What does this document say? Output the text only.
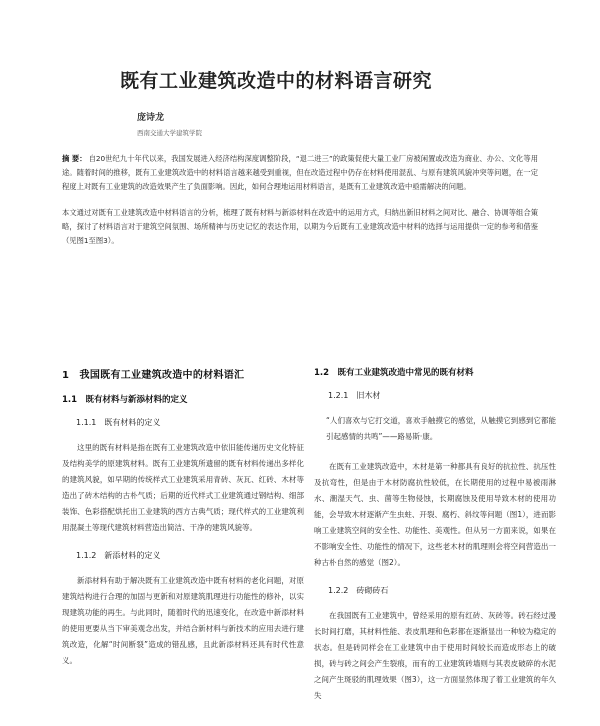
既有工业建筑改造中的材料语言研究
庞诗龙
西南交通大学建筑学院

摘 要： 自20世纪九十年代以来，我国发展进入经济结构深度调整阶段，“退二进三”的政策促使大量工业厂房被闲置或改造为商业、办公、文化等用途。随着时间的推移，既有工业建筑改造中的材料语言越来越受到重视，但在改造过程中仍存在材料使用混乱、与原有建筑风貌冲突等问题，在一定程度上对既有工业建筑的改造效果产生了负面影响。因此，如何合理地运用材料语言，是既有工业建筑改造中亟需解决的问题。

本文通过对既有工业建筑改造中材料语言的分析，梳理了既有材料与新添材料在改造中的运用方式，归纳出新旧材料之间对比、融合、协调等组合策略，探讨了材料语言对于建筑空间氛围、场所精神与历史记忆的表达作用，以期为今后既有工业建筑改造中材料的选择与运用提供一定的参考和借鉴（见图1至图3）。

1　我国既有工业建筑改造中的材料语汇
1.1　既有材料与新添材料的定义
1.1.1　既有材料的定义
这里的既有材料是指在既有工业建筑改造中依旧能传递历史文化特征及结构美学的原建筑材料。既有工业建筑所遗留的既有材料传递出多样化的建筑风貌，如早期的传统样式工业建筑采用青砖、灰瓦、红砖、木材等造出了砖木结构的古朴气质；后期的近代样式工业建筑通过钢结构、细部装饰、色彩搭配烘托出工业建筑的西方古典气质；现代样式的工业建筑利用混凝土等现代建筑材料营造出简洁、干净的建筑风貌等。
1.1.2　新添材料的定义
新添材料有助于解决既有工业建筑改造中既有材料的老化问题，对原建筑结构进行合理的加固与更新和对原建筑肌理进行功能性的修补，以实现建筑功能的再生。与此同时，随着时代的迅速变化，在改造中新添材料的使用更要从当下审美观念出发，并结合新材料与新技术的应用去进行建筑改造，化解“时间断裂”造成的错乱感，且此新添材料还具有时代性意义。
1.2　既有工业建筑改造中常见的既有材料
1.2.1　旧木材
“人们喜欢与它打交道，喜欢手触摸它的感觉，从触摸它到感到它都能引起感情的共鸣”——路易斯·康。
在既有工业建筑改造中，木材是第一种都具有良好的抗拉性、抗压性及抗弯性，但是由于木材防腐抗性较低，在长期使用的过程中易被雨淋水、潮湿天气、虫、菌等生物侵蚀，长期腐蚀及使用导致木材的使用功能，会导致木材逐渐产生虫蛀、开裂、腐朽、斜纹等问题（图1），进而影响工业建筑空间的安全性、功能性、美观性。但从另一方面来说，如果在不影响安全性、功能性的情况下，这些老木材的肌理则会将空间营造出一种古朴自然的感觉（图2）。
1.2.2　砖砌砖石
在我国既有工业建筑中，曾经采用的原有红砖、灰砖等。砖石经过漫长时间打磨，其材料性能、表皮肌理和色彩都在逐渐显出一种较为稳定的状态。但是砖同样会在工业建筑中由于使用时间较长而造成形态上的破损，砖与砖之间会产生裂痕，而有的工业建筑砖墙则与其表皮破碎的水泥之间产生斑驳的肌理效果（图3），这一方面显然体现了着工业建筑的年久失
